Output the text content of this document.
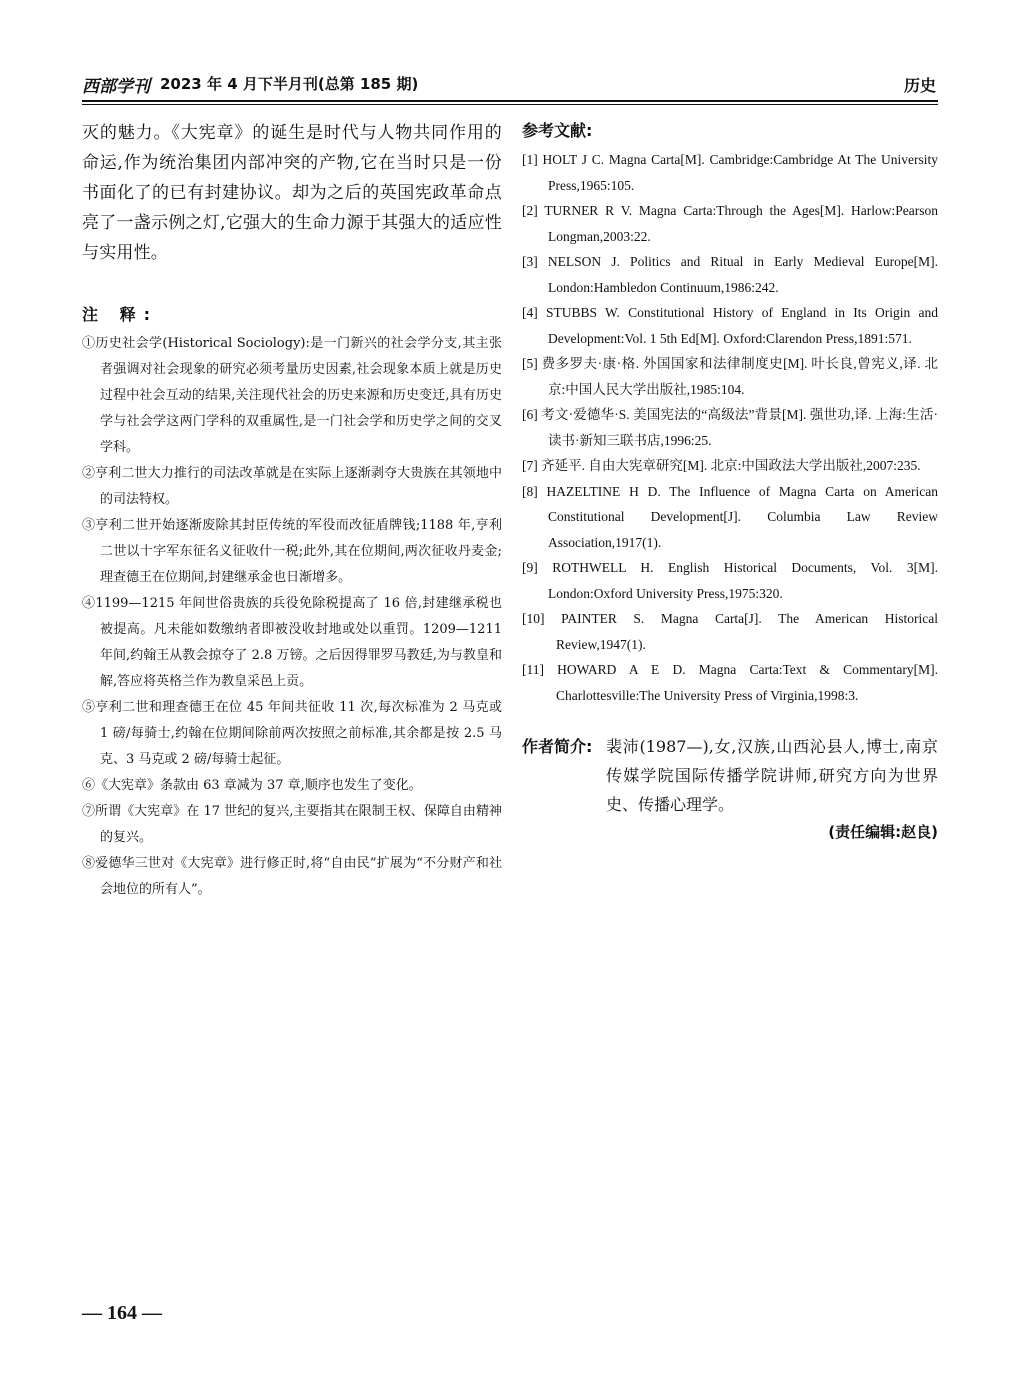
西部学刊 2023 年 4 月下半月刊(总第 185 期)	历史

灭的魅力。《大宪章》的诞生是时代与人物共同作用的命运,作为统治集团内部冲突的产物,它在当时只是一份书面化了的已有封建协议。却为之后的英国宪政革命点亮了一盏示例之灯,它强大的生命力源于其强大的适应性与实用性。

注 释:

①历史社会学(Historical Sociology):是一门新兴的社会学分支,其主张者强调对社会现象的研究必须考量历史因素,社会现象本质上就是历史过程中社会互动的结果,关注现代社会的历史来源和历史变迁,具有历史学与社会学这两门学科的双重属性,是一门社会学和历史学之间的交叉学科。

②亨利二世大力推行的司法改革就是在实际上逐渐剥夺大贵族在其领地中的司法特权。

③亨利二世开始逐渐废除其封臣传统的军役而改征盾牌钱;1188 年,亨利二世以十字军东征名义征收什一税;此外,其在位期间,两次征收丹麦金;理查德王在位期间,封建继承金也日渐增多。

④1199—1215 年间世俗贵族的兵役免除税提高了 16 倍,封建继承税也被提高。凡未能如数缴纳者即被没收封地或处以重罚。1209—1211 年间,约翰王从教会掠夺了 2.8 万镑。之后因得罪罗马教廷,为与教皇和解,答应将英格兰作为教皇采邑上贡。

⑤亨利二世和理查德王在位 45 年间共征收 11 次,每次标准为 2 马克或 1 磅/每骑士,约翰在位期间除前两次按照之前标准,其余都是按 2.5 马克、3 马克或 2 磅/每骑士起征。

⑥《大宪章》条款由 63 章减为 37 章,顺序也发生了变化。

⑦所谓《大宪章》在 17 世纪的复兴,主要指其在限制王权、保障自由精神的复兴。

⑧爱德华三世对《大宪章》进行修正时,将“自由民”扩展为“不分财产和社会地位的所有人”。

参考文献:

[1] HOLT J C. Magna Carta[M]. Cambridge:Cambridge At The University Press,1965:105.

[2] TURNER R V. Magna Carta:Through the Ages[M]. Harlow:Pearson Longman,2003:22.

[3] NELSON J. Politics and Ritual in Early Medieval Europe[M]. London:Hambledon Continuum,1986:242.

[4] STUBBS W. Constitutional History of England in Its Origin and Development:Vol. 1 5th Ed[M]. Oxford:Clarendon Press,1891:571.

[5] 费多罗夫·康·格. 外国国家和法律制度史[M]. 叶长良,曾宪义,译. 北京:中国人民大学出版社,1985:104.

[6] 考文·爱德华·S. 美国宪法的“高级法”背景[M]. 强世功,译. 上海:生活·读书·新知三联书店,1996:25.

[7] 齐延平. 自由大宪章研究[M]. 北京:中国政法大学出版社,2007:235.

[8] HAZELTINE H D. The Influence of Magna Carta on American Constitutional Development[J]. Columbia Law Review Association,1917(1).

[9] ROTHWELL H. English Historical Documents, Vol. 3[M]. London:Oxford University Press,1975:320.

[10] PAINTER S. Magna Carta[J]. The American Historical Review,1947(1).

[11] HOWARD A E D. Magna Carta:Text & Commentary[M]. Charlottesville:The University Press of Virginia,1998:3.

作者简介: 裴沛(1987—),女,汉族,山西沁县人,博士,南京传媒学院国际传播学院讲师,研究方向为世界史、传播心理学。
(责任编辑:赵良)
— 164 —
